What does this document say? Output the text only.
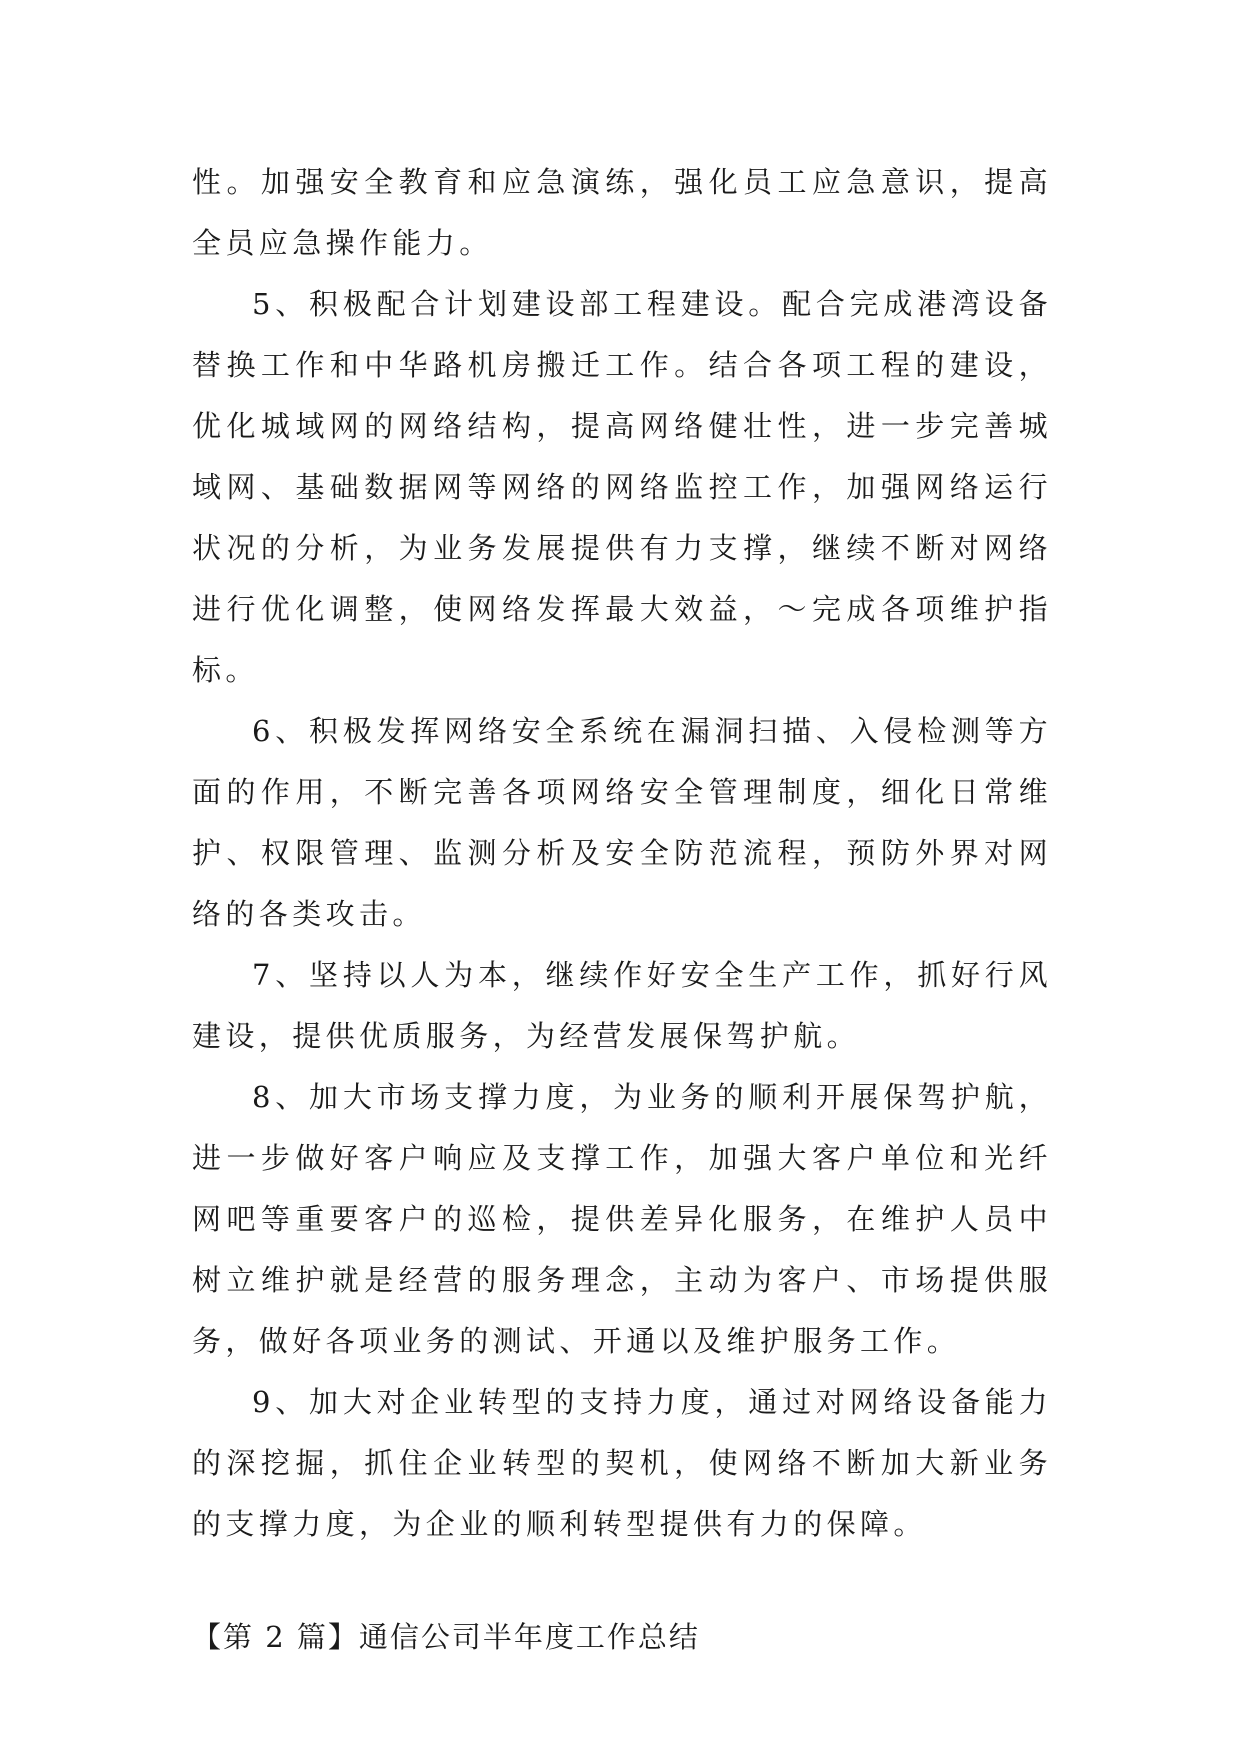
性。加强安全教育和应急演练，强化员工应急意识，提高全员应急操作能力。

5、积极配合计划建设部工程建设。配合完成港湾设备替换工作和中华路机房搬迁工作。结合各项工程的建设，优化城域网的网络结构，提高网络健壮性，进一步完善城域网、基础数据网等网络的网络监控工作，加强网络运行状况的分析，为业务发展提供有力支撑，继续不断对网络进行优化调整，使网络发挥最大效益，～完成各项维护指标。

6、积极发挥网络安全系统在漏洞扫描、入侵检测等方面的作用，不断完善各项网络安全管理制度，细化日常维护、权限管理、监测分析及安全防范流程，预防外界对网络的各类攻击。

7、坚持以人为本，继续作好安全生产工作，抓好行风建设，提供优质服务，为经营发展保驾护航。

8、加大市场支撑力度，为业务的顺利开展保驾护航，进一步做好客户响应及支撑工作，加强大客户单位和光纤网吧等重要客户的巡检，提供差异化服务，在维护人员中树立维护就是经营的服务理念，主动为客户、市场提供服务，做好各项业务的测试、开通以及维护服务工作。

9、加大对企业转型的支持力度，通过对网络设备能力的深挖掘，抓住企业转型的契机，使网络不断加大新业务的支撑力度，为企业的顺利转型提供有力的保障。

【第 2 篇】通信公司半年度工作总结
